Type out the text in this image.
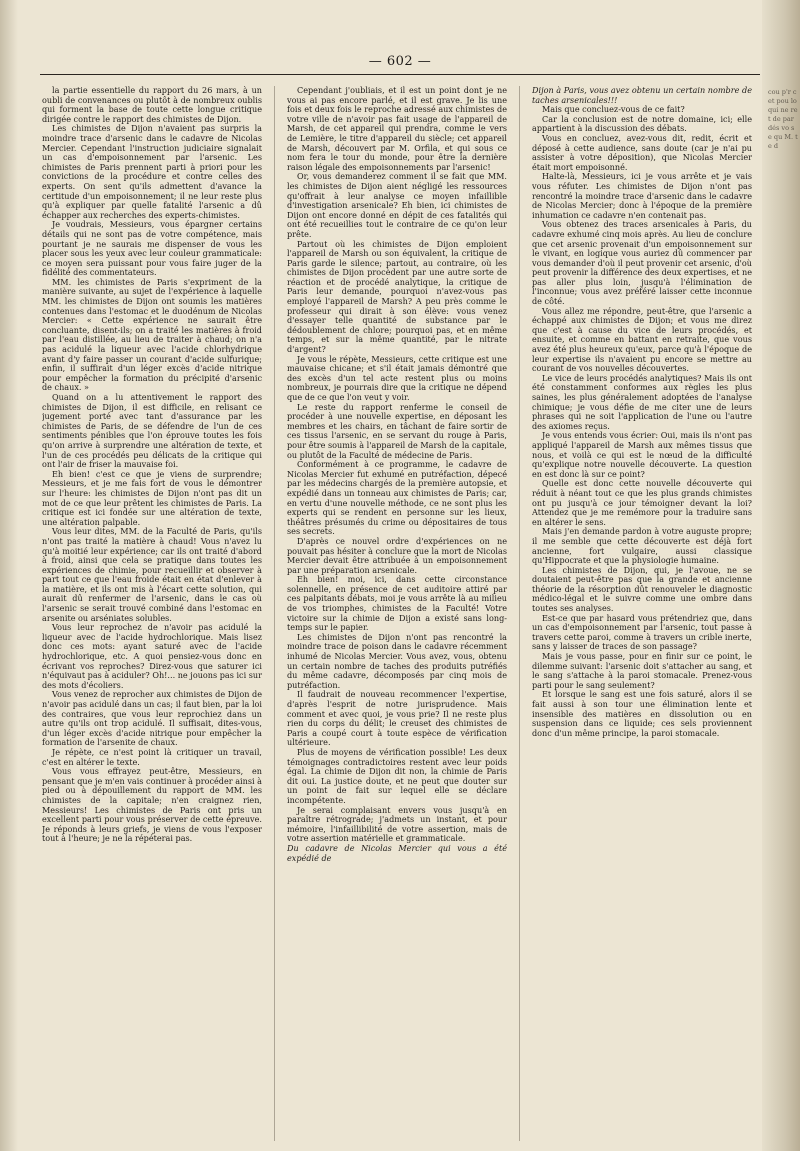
— 602 —

la partie essentielle du rapport du 26 mars, à un oubli de convenances ou plutôt à de nombreux oublis qui forment la base de toute cette longue critique dirigée contre le rapport des chimistes de Dijon.

Les chimistes de Dijon n'avaient pas surpris la moindre trace d'arsenic dans le cadavre de Nicolas Mercier. Cependant l'instruction judiciaire signalait un cas d'empoisonnement par l'arsenic. Les chimistes de Paris prennent parti à priori pour les convictions de la procédure et contre celles des experts. On sent qu'ils admettent d'avance la certitude d'un empoisonnement; il ne leur reste plus qu'à expliquer par quelle fatalité l'arsenic a dû échapper aux recherches des experts-chimistes.

Je voudrais, Messieurs, vous épargner certains détails qui ne sont pas de votre compétence, mais pourtant je ne saurais me dispenser de vous les placer sous les yeux avec leur couleur grammaticale: ce moyen sera puissant pour vous faire juger de la fidélité des commentateurs.

MM. les chimistes de Paris s'expriment de la manière suivante, au sujet de l'expérience à laquelle MM. les chimistes de Dijon ont soumis les matières contenues dans l'estomac et le duodénum de Nicolas Mercier: « Cette expérience ne saurait être concluante, disent-ils; on a traité les matières à froid par l'eau distillée, au lieu de traiter à chaud; on n'a pas acidulé la liqueur avec l'acide chlorhydrique avant d'y faire passer un courant d'acide sulfurique; enfin, il suffirait d'un léger excès d'acide nitrique pour empêcher la formation du précipité d'arsenic de chaux. »

Quand on a lu attentivement le rapport des chimistes de Dijon, il est difficile, en relisant ce jugement porté avec tant d'assurance par les chimistes de Paris, de se défendre de l'un de ces sentiments pénibles que l'on éprouve toutes les fois qu'on arrive à surprendre une altération de texte, et l'un de ces procédés peu délicats de la critique qui ont l'air de friser la mauvaise foi.

Eh bien! c'est ce que je viens de surprendre; Messieurs, et je me fais fort de vous le démontrer sur l'heure: les chimistes de Dijon n'ont pas dit un mot de ce que leur prêtent les chimistes de Paris. La critique est ici fondée sur une altération de texte, une altération palpable.

Vous leur dites, MM. de la Faculté de Paris, qu'ils n'ont pas traité la matière à chaud! Vous n'avez lu qu'à moitié leur expérience; car ils ont traité d'abord à froid, ainsi que cela se pratique dans toutes les expériences de chimie, pour recueillir et observer à part tout ce que l'eau froide était en état d'enlever à la matière, et ils ont mis à l'écart cette solution, qui aurait dû renfermer de l'arsenic, dans le cas où l'arsenic se serait trouvé combiné dans l'estomac en arsenite ou arséniates solubles.

Vous leur reprochez de n'avoir pas acidulé la liqueur avec de l'acide hydrochlorique. Mais lisez donc ces mots: ayant saturé avec de l'acide hydrochlorique, etc. A quoi pensiez-vous donc en écrivant vos reproches? Direz-vous que saturer ici n'équivaut pas à aciduler? Oh!... ne jouons pas ici sur des mots d'écoliers.

Vous venez de reprocher aux chimistes de Dijon de n'avoir pas acidulé dans un cas; il faut bien, par la loi des contraires, que vous leur reprochiez dans un autre qu'ils ont trop acidulé. Il suffisait, dites-vous, d'un léger excès d'acide nitrique pour empêcher la formation de l'arsenite de chaux.

Je répète, ce n'est point là critiquer un travail, c'est en altérer le texte.

Vous vous effrayez peut-être, Messieurs, en pensant que je m'en vais continuer à procéder ainsi à pied ou à dépouillement du rapport de MM. les chimistes de la capitale; n'en craignez rien, Messieurs! Les chimistes de Paris ont pris un excellent parti pour vous préserver de cette épreuve. Je réponds à leurs griefs, je viens de vous l'exposer tout à l'heure; je ne la répéterai pas.

Cependant j'oubliais, et il est un point dont je ne vous ai pas encore parlé, et il est grave. Je lis une fois et deux fois le reproche adressé aux chimistes de votre ville de n'avoir pas fait usage de l'appareil de Marsh, de cet appareil qui prendra, comme le vers de Lemière, le titre d'appareil du siècle; cet appareil de Marsh, découvert par M. Orfila, et qui sous ce nom fera le tour du monde, pour être la dernière raison légale des empoisonnements par l'arsenic!

Or, vous demanderez comment il se fait que MM. les chimistes de Dijon aient négligé les ressources qu'offrait à leur analyse ce moyen infaillible d'investigation arsenicale? Eh bien, ici chimistes de Dijon ont encore donné en dépit de ces fatalités qui ont été recueillies tout le contraire de ce qu'on leur prête.

Partout où les chimistes de Dijon emploient l'appareil de Marsh ou son équivalent, la critique de Paris garde le silence; partout, au contraire, où les chimistes de Dijon procèdent par une autre sorte de réaction et de procédé analytique, la critique de Paris leur demande, pourquoi n'avez-vous pas employé l'appareil de Marsh? A peu près comme le professeur qui dirait à son élève: vous venez d'essayer telle quantité de substance par le dédoublement de chlore; pourquoi pas, et en même temps, et sur la même quantité, par le nitrate d'argent?

Je vous le répète, Messieurs, cette critique est une mauvaise chicane; et s'il était jamais démontré que des excès d'un tel acte restent plus ou moins nombreux, je pourrais dire que la critique ne dépend que de ce que l'on veut y voir.

Le reste du rapport renferme le conseil de procéder à une nouvelle expertise, en déposant les membres et les chairs, en tâchant de faire sortir de ces tissus l'arsenic, en se servant du rouge à Paris, pour être soumis à l'appareil de Marsh de la capitale, ou plutôt de la Faculté de médecine de Paris.

Conformément à ce programme, le cadavre de Nicolas Mercier fut exhumé en putréfaction, dépecé par les médecins chargés de la première autopsie, et expédié dans un tonneau aux chimistes de Paris; car, en vertu d'une nouvelle méthode, ce ne sont plus les experts qui se rendent en personne sur les lieux, théâtres présumés du crime ou dépositaires de tous ses secrets.

D'après ce nouvel ordre d'expériences on ne pouvait pas hésiter à conclure que la mort de Nicolas Mercier devait être attribuée à un empoisonnement par une préparation arsenicale.

Eh bien! moi, ici, dans cette circonstance solennelle, en présence de cet auditoire attiré par ces palpitants débats, moi je vous arrête là au milieu de vos triomphes, chimistes de la Faculté! Votre victoire sur la chimie de Dijon a existé sans long-temps sur le papier.

Les chimistes de Dijon n'ont pas rencontré la moindre trace de poison dans le cadavre récemment inhumé de Nicolas Mercier. Vous avez, vous, obtenu un certain nombre de taches des produits putréfiés du même cadavre, décomposés par cinq mois de putréfaction.

Il faudrait de nouveau recommencer l'expertise, d'après l'esprit de notre jurisprudence. Mais comment et avec quoi, je vous prie? Il ne reste plus rien du corps du délit; le creuset des chimistes de Paris a coupé court à toute espèce de vérification ultérieure.

Plus de moyens de vérification possible! Les deux témoignages contradictoires restent avec leur poids égal. La chimie de Dijon dit non, la chimie de Paris dit oui. La justice doute, et ne peut que douter sur un point de fait sur lequel elle se déclare incompétente.

Je serai complaisant envers vous jusqu'à en paraître rétrograde; j'admets un instant, et pour mémoire, l'infaillibilité de votre assertion, mais de votre assertion matérielle et grammaticale.

Du cadavre de Nicolas Mercier qui vous a été expédié de

Dijon à Paris, vous avez obtenu un certain nombre de taches arsenicales!!!

Mais que concluez-vous de ce fait?

Car la conclusion est de notre domaine, ici; elle appartient à la discussion des débats.

Vous en concluez, avez-vous dit, redit, écrit et déposé à cette audience, sans doute (car je n'ai pu assister à votre déposition), que Nicolas Mercier était mort empoisonné.

Halte-là, Messieurs, ici je vous arrête et je vais vous réfuter. Les chimistes de Dijon n'ont pas rencontré la moindre trace d'arsenic dans le cadavre de Nicolas Mercier; donc à l'époque de la première inhumation ce cadavre n'en contenait pas.

Vous obtenez des traces arsenicales à Paris, du cadavre exhumé cinq mois après. Au lieu de conclure que cet arsenic provenait d'un empoisonnement sur le vivant, en logique vous auriez dû commencer par vous demander d'où il peut provenir cet arsenic, d'où peut provenir la différence des deux expertises, et ne pas aller plus loin, jusqu'à l'élimination de l'inconnue; vous avez préféré laisser cette inconnue de côté.

Vous allez me répondre, peut-être, que l'arsenic a échappé aux chimistes de Dijon; et vous me direz que c'est à cause du vice de leurs procédés, et ensuite, et comme en battant en retraite, que vous avez été plus heureux qu'eux, parce qu'à l'époque de leur expertise ils n'avaient pu encore se mettre au courant de vos nouvelles découvertes.

Le vice de leurs procédés analytiques? Mais ils ont été constamment conformes aux règles les plus saines, les plus généralement adoptées de l'analyse chimique; je vous défie de me citer une de leurs phrases qui ne soit l'application de l'une ou l'autre des axiomes reçus.

Je vous entends vous écrier: Oui, mais ils n'ont pas appliqué l'appareil de Marsh aux mêmes tissus que nous, et voilà ce qui est le nœud de la difficulté qu'explique notre nouvelle découverte. La question en est donc là sur ce point?

Quelle est donc cette nouvelle découverte qui réduit à néant tout ce que les plus grands chimistes ont pu jusqu'à ce jour témoigner devant la loi? Attendez que je me remémore pour la traduire sans en altérer le sens.

Mais j'en demande pardon à votre auguste propre; il me semble que cette découverte est déjà fort ancienne, fort vulgaire, aussi classique qu'Hippocrate et que la physiologie humaine.

Les chimistes de Dijon, qui, je l'avoue, ne se doutaient peut-être pas que la grande et ancienne théorie de la résorption dût renouveler le diagnostic médico-légal et le suivre comme une ombre dans toutes ses analyses.

Est-ce que par hasard vous prétendriez que, dans un cas d'empoisonnement par l'arsenic, tout passe à travers cette paroi, comme à travers un crible inerte, sans y laisser de traces de son passage?

Mais je vous passe, pour en finir sur ce point, le dilemme suivant: l'arsenic doit s'attacher au sang, et le sang s'attache à la paroi stomacale. Prenez-vous parti pour le sang seulement?

Et lorsque le sang est une fois saturé, alors il se fait aussi à son tour une élimination lente et insensible des matières en dissolution ou en suspension dans ce liquide; ces sels proviennent donc d'un même principe, la paroi stomacale.

cou p'r cet pou lo qui ne ret de par dés vo se qu M. te d
